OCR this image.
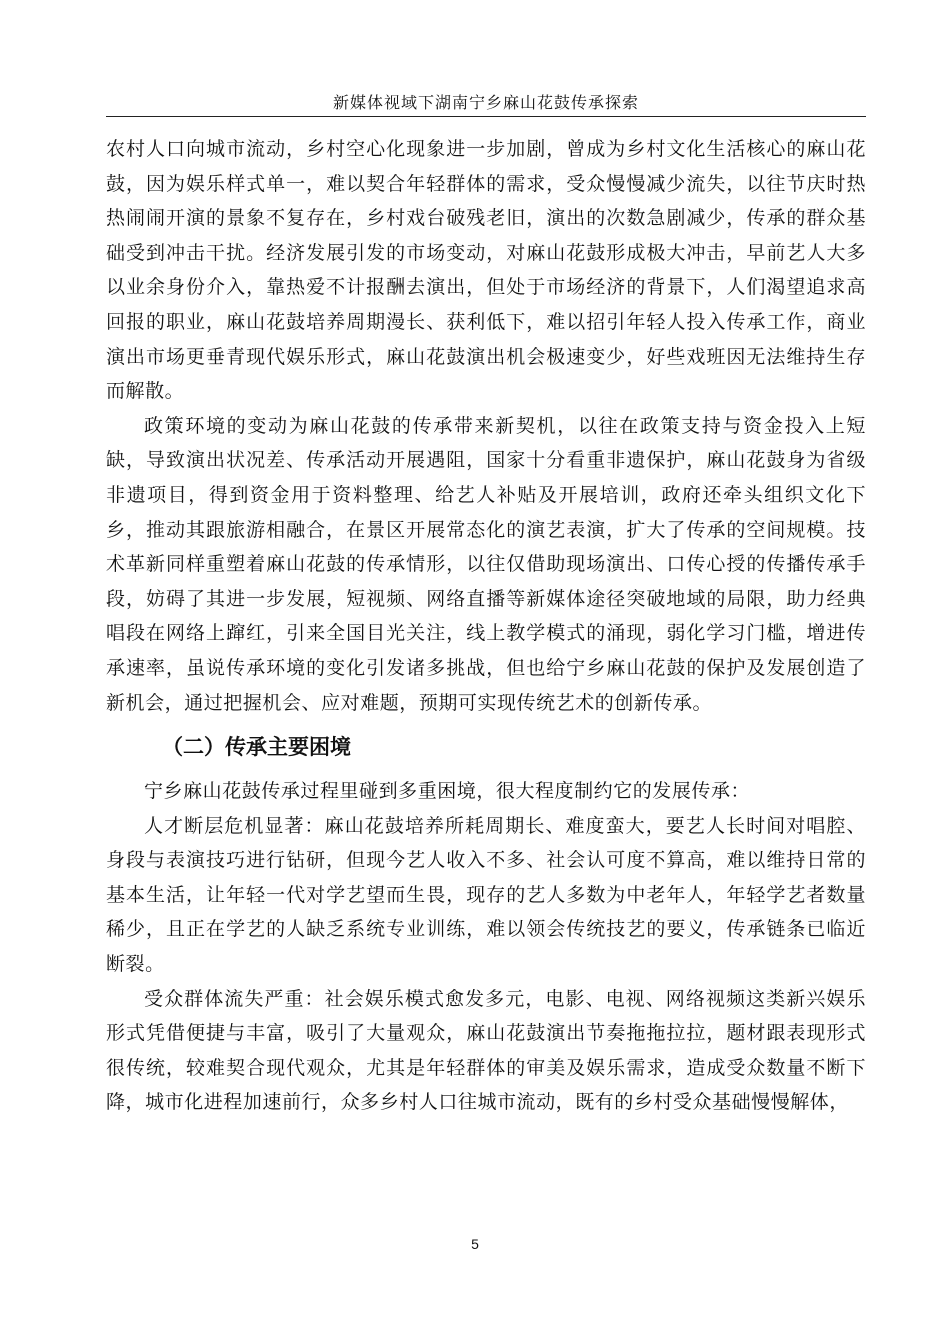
新媒体视域下湖南宁乡麻山花鼓传承探索

农村人口向城市流动，乡村空心化现象进一步加剧，曾成为乡村文化生活核心的麻山花鼓，因为娱乐样式单一，难以契合年轻群体的需求，受众慢慢减少流失，以往节庆时热热闹闹开演的景象不复存在，乡村戏台破残老旧，演出的次数急剧减少，传承的群众基础受到冲击干扰。经济发展引发的市场变动，对麻山花鼓形成极大冲击，早前艺人大多以业余身份介入，靠热爱不计报酬去演出，但处于市场经济的背景下，人们渴望追求高回报的职业，麻山花鼓培养周期漫长、获利低下，难以招引年轻人投入传承工作，商业演出市场更垂青现代娱乐形式，麻山花鼓演出机会极速变少，好些戏班因无法维持生存而解散。

政策环境的变动为麻山花鼓的传承带来新契机，以往在政策支持与资金投入上短缺，导致演出状况差、传承活动开展遇阻，国家十分看重非遗保护，麻山花鼓身为省级非遗项目，得到资金用于资料整理、给艺人补贴及开展培训，政府还牵头组织文化下乡，推动其跟旅游相融合，在景区开展常态化的演艺表演，扩大了传承的空间规模。技术革新同样重塑着麻山花鼓的传承情形，以往仅借助现场演出、口传心授的传播传承手段，妨碍了其进一步发展，短视频、网络直播等新媒体途径突破地域的局限，助力经典唱段在网络上蹿红，引来全国目光关注，线上教学模式的涌现，弱化学习门槛，增进传承速率，虽说传承环境的变化引发诸多挑战，但也给宁乡麻山花鼓的保护及发展创造了新机会，通过把握机会、应对难题，预期可实现传统艺术的创新传承。

（二）传承主要困境

宁乡麻山花鼓传承过程里碰到多重困境，很大程度制约它的发展传承：

人才断层危机显著：麻山花鼓培养所耗周期长、难度蛮大，要艺人长时间对唱腔、身段与表演技巧进行钻研，但现今艺人收入不多、社会认可度不算高，难以维持日常的基本生活，让年轻一代对学艺望而生畏，现存的艺人多数为中老年人，年轻学艺者数量稀少，且正在学艺的人缺乏系统专业训练，难以领会传统技艺的要义，传承链条已临近断裂。

受众群体流失严重：社会娱乐模式愈发多元，电影、电视、网络视频这类新兴娱乐形式凭借便捷与丰富，吸引了大量观众，麻山花鼓演出节奏拖拖拉拉，题材跟表现形式很传统，较难契合现代观众，尤其是年轻群体的审美及娱乐需求，造成受众数量不断下降，城市化进程加速前行，众多乡村人口往城市流动，既有的乡村受众基础慢慢解体，

5
